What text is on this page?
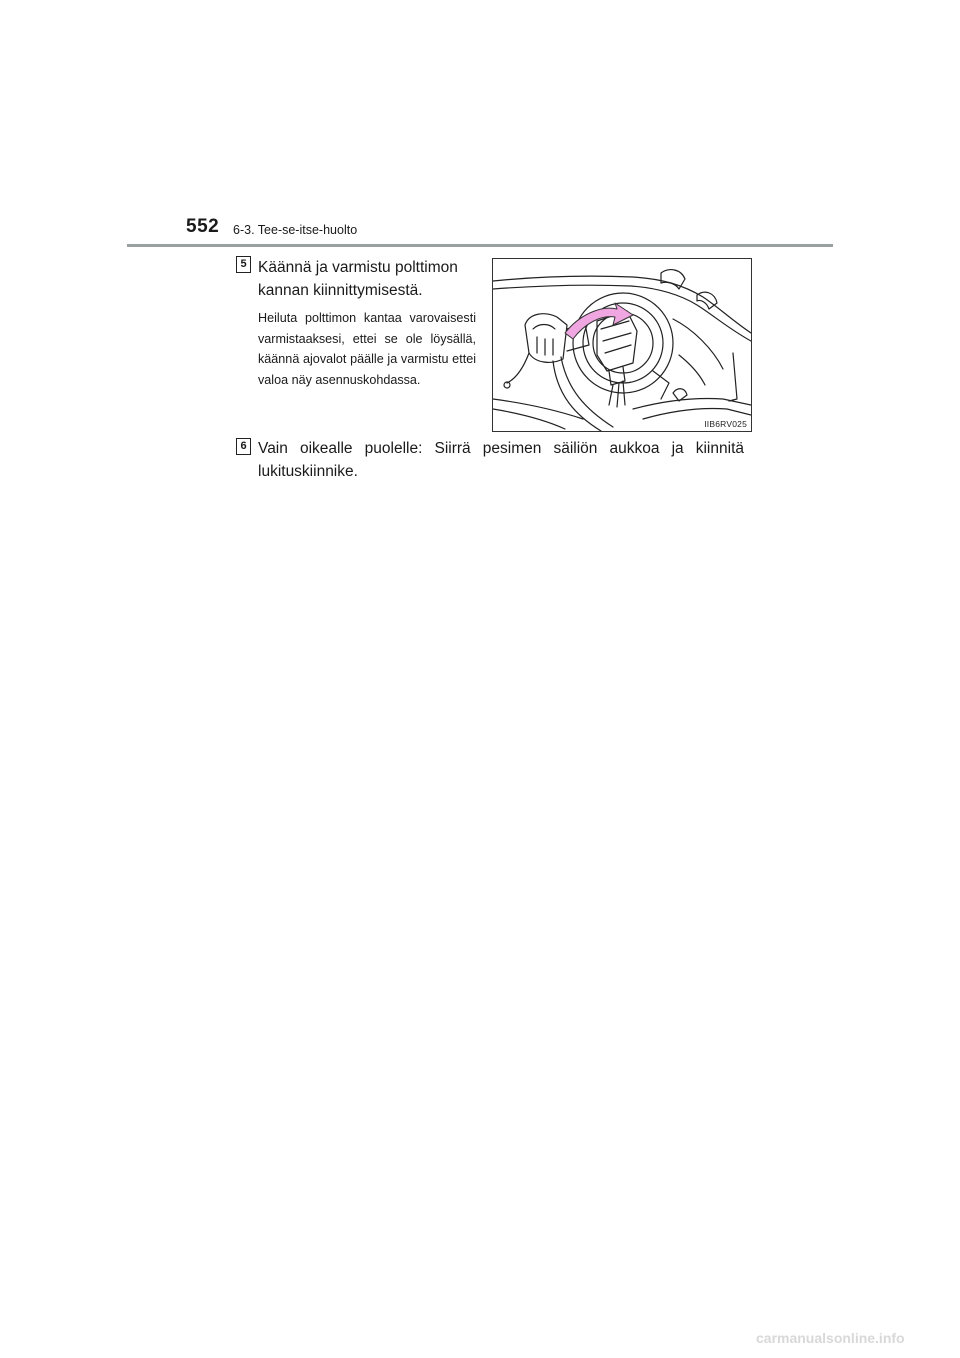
552 6-3. Tee-se-itse-huolto
5 Käännä ja varmistu polttimon kannan kiinnittymisestä.
Heiluta polttimon kantaa varovaisesti varmistaaksesi, ettei se ole löysällä, käännä ajovalot päälle ja varmistu ettei valoa näy asennuskohdassa.
IIB6RV025
6 Vain oikealle puolelle: Siirrä pesimen säiliön aukkoa ja kiinnitä lukituskiinnike.
carmanualsonline.info
